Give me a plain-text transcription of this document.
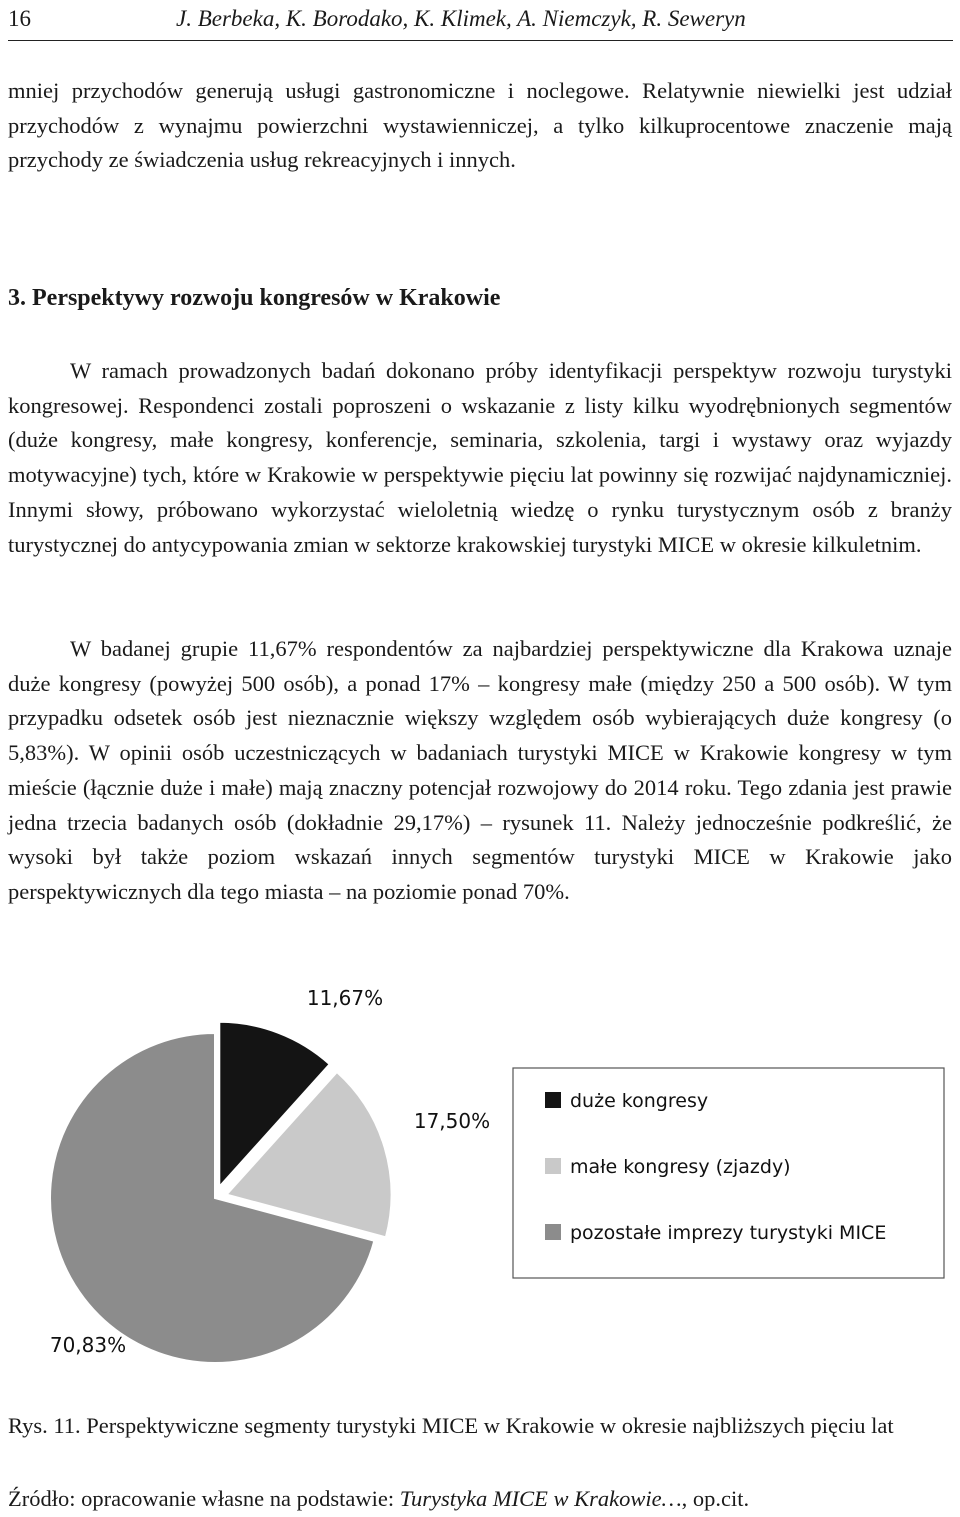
16	J. Berbeka, K. Borodako, K. Klimek, A. Niemczyk, R. Seweryn

mniej przychodów generują usługi gastronomiczne i noclegowe. Relatywnie niewielki jest udział przychodów z wynajmu powierzchni wystawienniczej, a tylko kilkuprocentowe znaczenie mają przychody ze świadczenia usług rekreacyjnych i innych.

3. Perspektywy rozwoju kongresów w Krakowie

W ramach prowadzonych badań dokonano próby identyfikacji perspektyw rozwoju turystyki kongresowej. Respondenci zostali poproszeni o wskazanie z listy kilku wyodrębnionych segmentów (duże kongresy, małe kongresy, konferencje, seminaria, szkolenia, targi i wystawy oraz wyjazdy motywacyjne) tych, które w Krakowie w perspektywie pięciu lat powinny się rozwijać najdynamiczniej. Innymi słowy, próbowano wykorzystać wieloletnią wiedzę o rynku turystycznym osób z branży turystycznej do antycypowania zmian w sektorze krakowskiej turystyki MICE w okresie kilkuletnim.

W badanej grupie 11,67% respondentów za najbardziej perspektywiczne dla Krakowa uznaje duże kongresy (powyżej 500 osób), a ponad 17% – kongresy małe (między 250 a 500 osób). W tym przypadku odsetek osób jest nieznacznie większy względem osób wybierających duże kongresy (o 5,83%). W opinii osób uczestniczących w badaniach turystyki MICE w Krakowie kongresy w tym mieście (łącznie duże i małe) mają znaczny potencjał rozwojowy do 2014 roku. Tego zdania jest prawie jedna trzecia badanych osób (dokładnie 29,17%) – rysunek 11. Należy jednocześnie podkreślić, że wysoki był także poziom wskazań innych segmentów turystyki MICE w Krakowie jako perspektywicznych dla tego miasta – na poziomie ponad 70%.

11,67%
17,50%
70,83%
duże kongresy
małe kongresy (zjazdy)
pozostałe imprezy turystyki MICE

Rys. 11. Perspektywiczne segmenty turystyki MICE w Krakowie w okresie najbliższych pięciu lat

Źródło: opracowanie własne na podstawie: Turystyka MICE w Krakowie…, op.cit.
